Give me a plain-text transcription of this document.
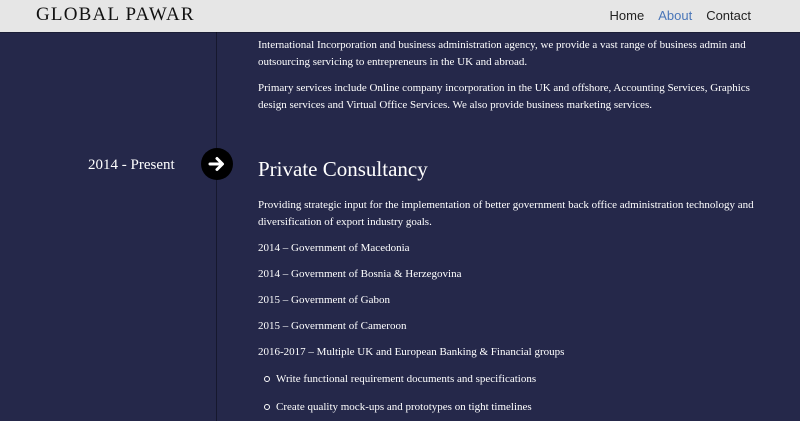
GLOBAL PAWAR	Home About Contact

International Incorporation and business administration agency, we provide a vast range of business admin and outsourcing servicing to entrepreneurs in the UK and abroad.

Primary services include Online company incorporation in the UK and offshore, Accounting Services, Graphics design services and Virtual Office Services. We also provide business marketing services.

2014 - Present	Private Consultancy

Providing strategic input for the implementation of better government back office administration technology and diversification of export industry goals.

2014 – Government of Macedonia
2014 – Government of Bosnia & Herzegovina
2015 – Government of Gabon
2015 – Government of Cameroon
2016-2017 – Multiple UK and European Banking & Financial groups
Write functional requirement documents and specifications
Create quality mock-ups and prototypes on tight timelines
